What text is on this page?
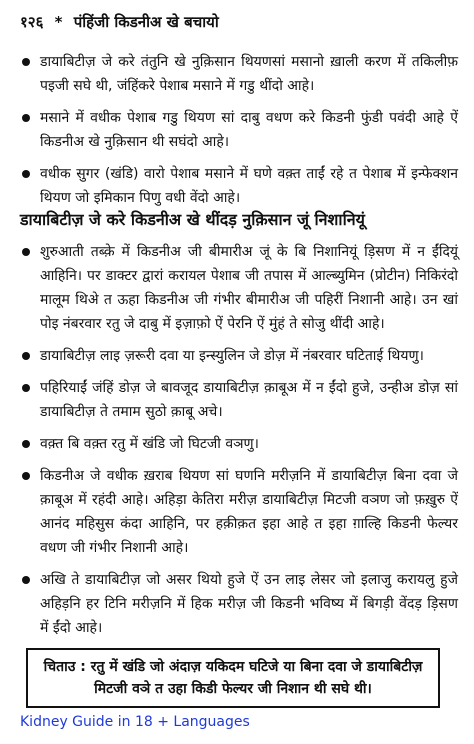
१२६ * पंहिंजी किडनीअ खे बचायो
डायाबिटीज़ जे करे तंतुनि खे नुक़िसान थियणसां मसानो ख़ाली करण में तकिलीफ़ पइजी सघे थी, जंहिंकरे पेशाब मसाने में गडु थींदो आहे।
मसाने में वधीक पेशाब गडु थियण सां दाबु वधण करे किडनी फुंडी पवंदी आहे ऐं किडनीअ खे नुक़िसान थी सघंदो आहे।
वधीक सुगर (खंडि) वारो पेशाब मसाने में घणे वक़्त ताईं रहे त पेशाब में इन्फेक्शन थियण जो इमिकान पिणु वधी वेंदो आहे।
डायाबिटीज़ जे करे किडनीअ खे थींदड़ नुक़िसान जूं निशानियूं
शुरुआती तब्क़े में किडनीअ जी बीमारीअ जूं के बि निशानियूं ड़िसण में न ईंदियूं आहिनि। पर डाक्टर द्वारां करायल पेशाब जी तपास में आल्ब्युमिन (प्रोटीन) निकिरंदो मालूम थिअे त ऊहा किडनीअ जी गंभीर बीमारीअ जी पहिरीं निशानी आहे। उन खां पोइ नंबरवार रतु जे दाबु में इज़ाफ़ो ऐं पेरनि ऐं मुंहं ते सोजु थींदी आहे।
डायाबिटीज़ लाइ ज़रूरी दवा या इन्स्युलिन जे डोज़ में नंबरवार घटिताई थियणु।
पहिरियाईं जंहिं डोज़ जे बावजूद डायाबिटीज़ क़ाबूअ में न ईंदो हुजे, उन्हीअ डोज़ सां डायाबिटीज़ ते तमाम सुठो क़ाबू अचे।
वक़्त बि वक़्त रतु में खंडि जो घिटजी वञणु।
किडनीअ जे वधीक ख़राब थियण सां घणनि मरीज़नि में डायाबिटीज़ बिना दवा जे क़ाबूअ में रहंदी आहे। अहिड़ा केतिरा मरीज़ डायाबिटीज़ मिटजी वञण जो फ़ख़ुरु ऐं आनंद महिसुस कंदा आहिनि, पर हक़ीक़त इहा आहे त इहा ग़ाल्हि किडनी फेल्यर वधण जी गंभीर निशानी आहे।
अखि ते डायाबिटीज़ जो असर थियो हुजे ऐं उन लाइ लेसर जो इलाजु करायलु हुजे अहिड़नि हर टिनि मरीज़नि में हिक मरीज़ जी किडनी भविष्य में बिगड़ी वेंदड़ ड़िसण में ईंदो आहे।
चिताउ : रतु में खंडि जो अंदाज़ यकिदम घटिजे या बिना दवा जे डायाबिटीज़ मिटजी वञे त उहा किडी फेल्यर जी निशान थी सघे थी।
Kidney Guide in 18 + Languages
